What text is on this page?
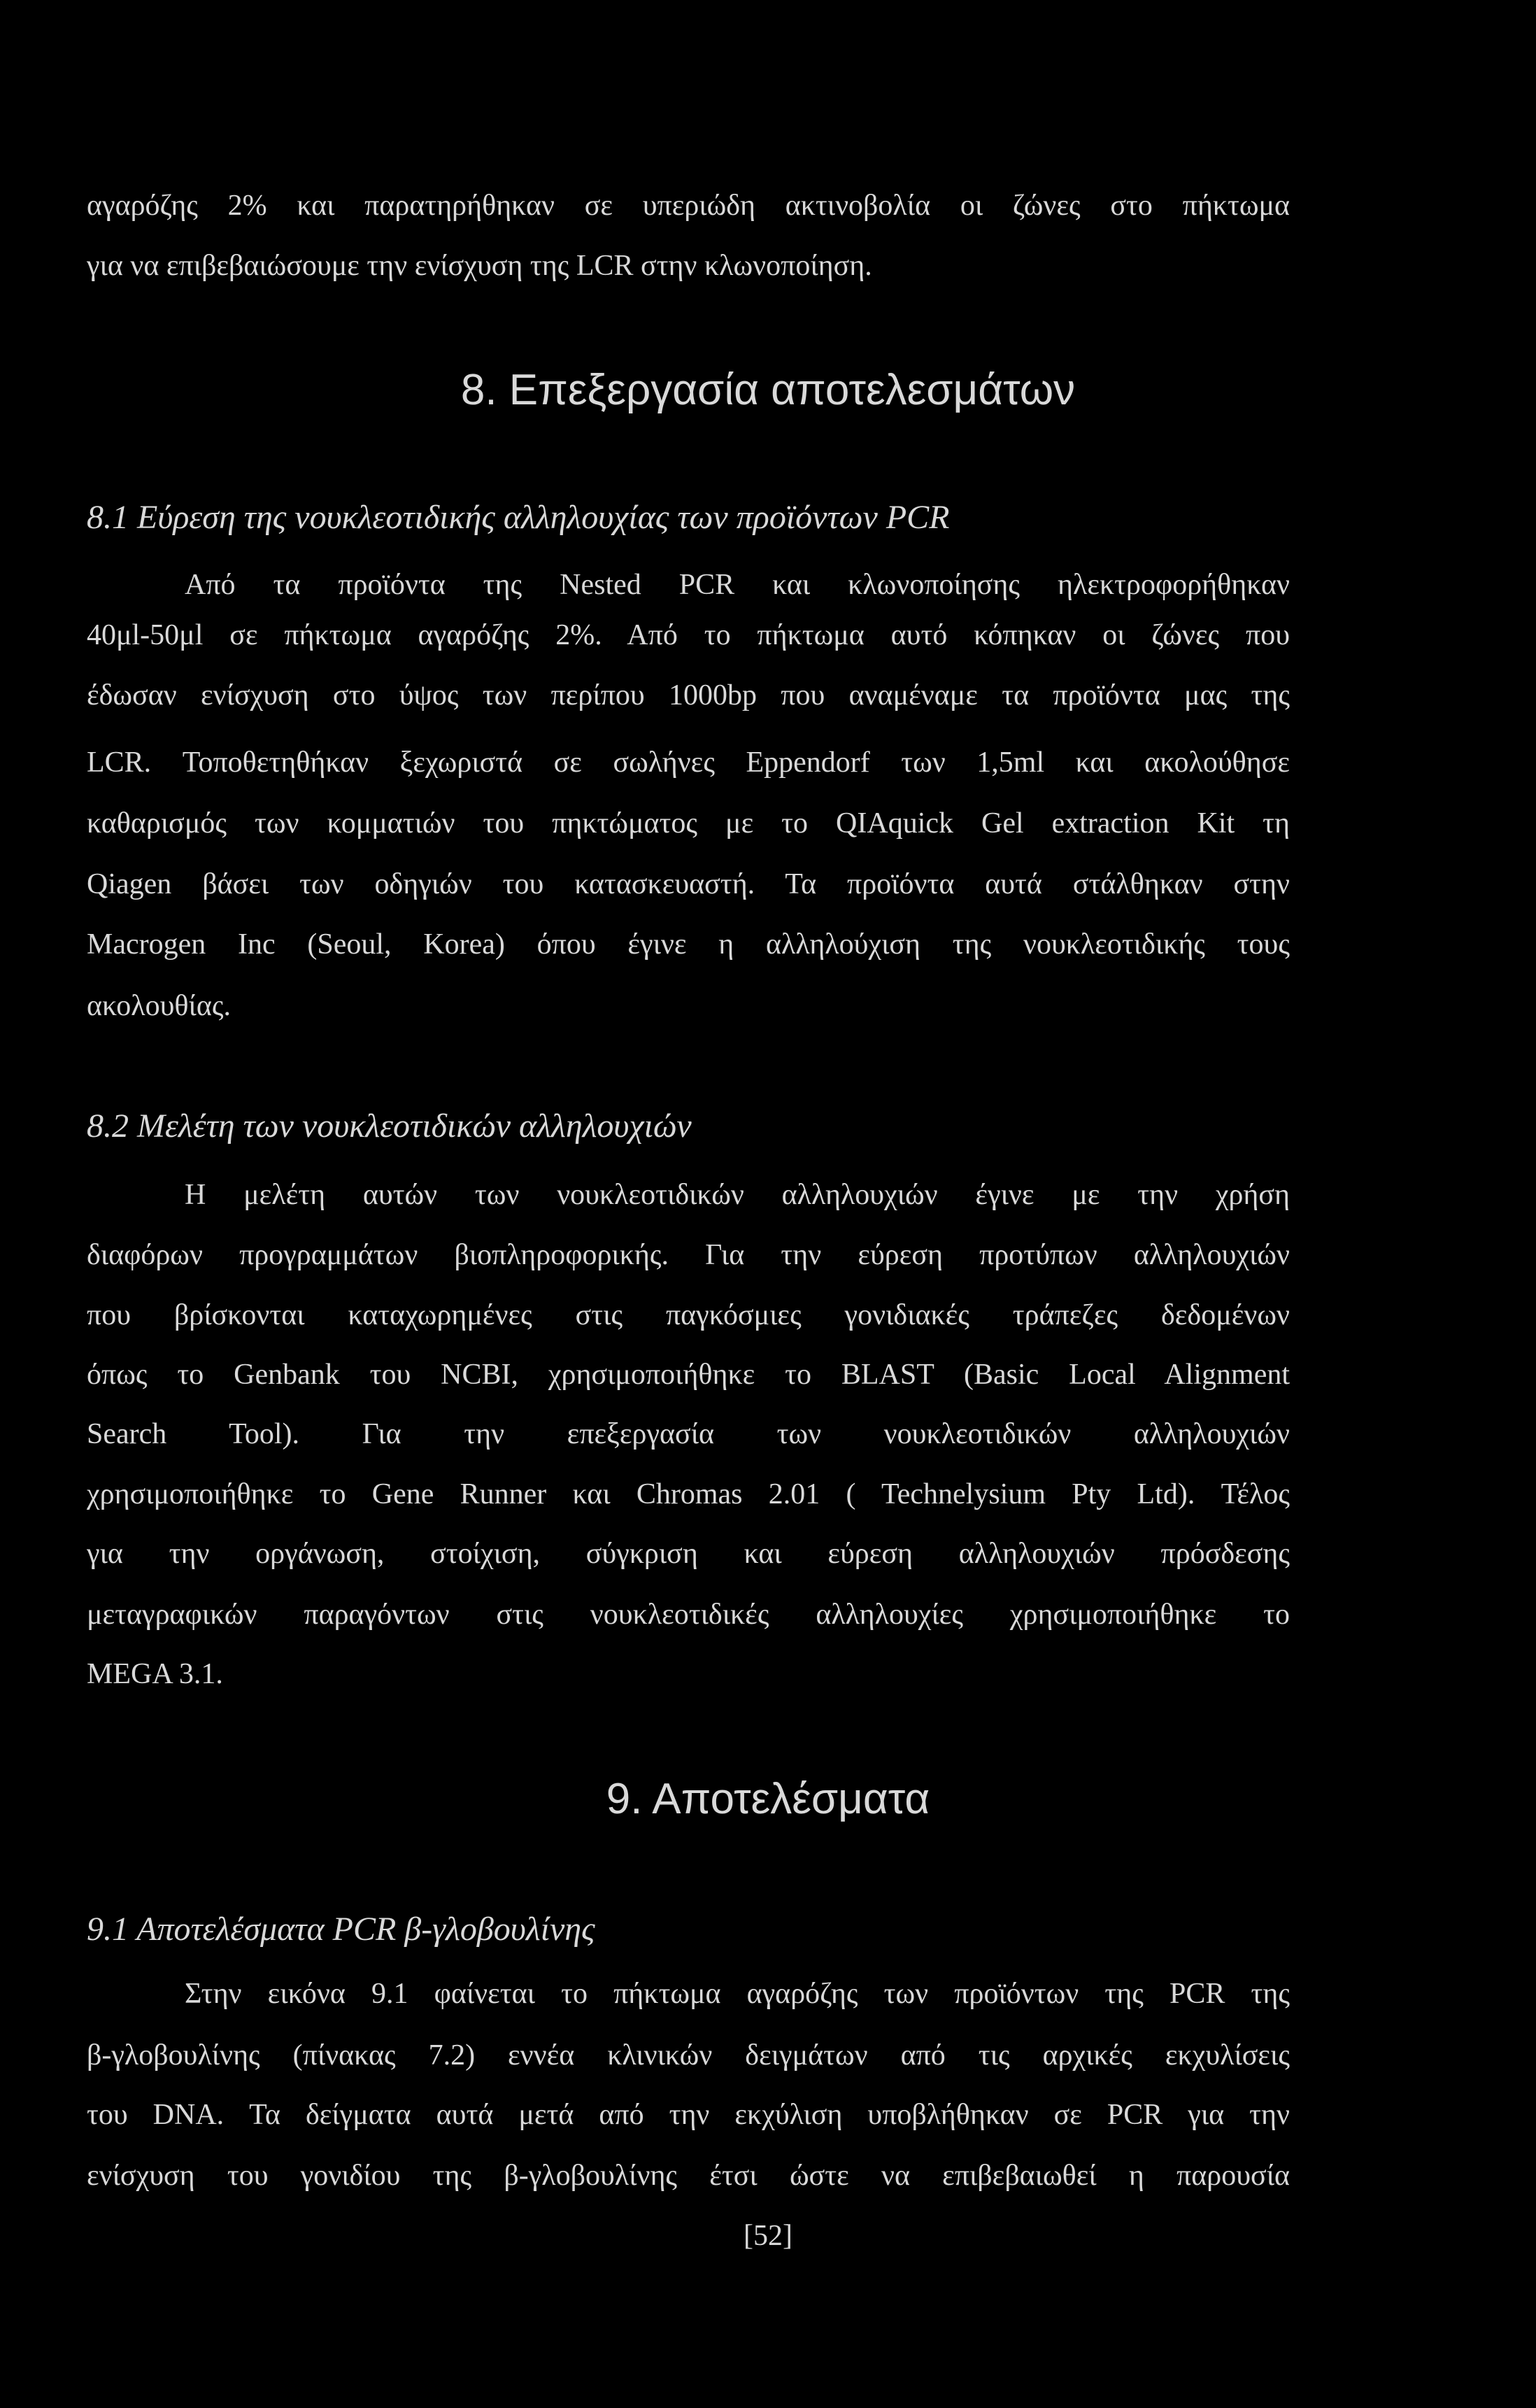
αγαρόζης 2% και παρατηρήθηκαν σε υπεριώδη ακτινοβολία οι ζώνες στο πήκτωμα
για να επιβεβαιώσουμε την ενίσχυση της LCR στην κλωνοποίηση.
8. Επεξεργασία αποτελεσμάτων
8.1 Εύρεση της νουκλεοτιδικής αλληλουχίας των προϊόντων PCR
Από τα προϊόντα της Nested PCR και κλωνοποίησης ηλεκτροφορήθηκαν
40μl-50μl σε πήκτωμα αγαρόζης 2%. Από το πήκτωμα αυτό κόπηκαν οι ζώνες που
έδωσαν ενίσχυση στο ύψος των περίπου 1000bp που αναμέναμε τα προϊόντα μας της
LCR. Τοποθετηθήκαν ξεχωριστά σε σωλήνες Eppendorf των 1,5ml και ακολούθησε
καθαρισμός των κομματιών του πηκτώματος με το QIAquick Gel extraction Kit τη
Qiagen βάσει των οδηγιών του κατασκευαστή. Τα προϊόντα αυτά στάλθηκαν στην
Macrogen Inc (Seoul, Korea) όπου έγινε η αλληλούχιση της νουκλεοτιδικής τους
ακολουθίας.
8.2 Μελέτη των νουκλεοτιδικών αλληλουχιών
Η μελέτη αυτών των νουκλεοτιδικών αλληλουχιών έγινε με την χρήση
διαφόρων προγραμμάτων βιοπληροφορικής. Για την εύρεση προτύπων αλληλουχιών
που βρίσκονται καταχωρημένες στις παγκόσμιες γονιδιακές τράπεζες δεδομένων
όπως το Genbank του NCBI, χρησιμοποιήθηκε το BLAST (Basic Local Alignment
Search Tool). Για την επεξεργασία των νουκλεοτιδικών αλληλουχιών
χρησιμοποιήθηκε το Gene Runner και Chromas 2.01 ( Technelysium Pty Ltd). Τέλος
για την οργάνωση, στοίχιση, σύγκριση και εύρεση αλληλουχιών πρόσδεσης
μεταγραφικών παραγόντων στις νουκλεοτιδικές αλληλουχίες χρησιμοποιήθηκε το
MEGA 3.1.
9. Αποτελέσματα
9.1 Αποτελέσματα PCR β-γλοβουλίνης
Στην εικόνα 9.1 φαίνεται το πήκτωμα αγαρόζης των προϊόντων της PCR της
β-γλοβουλίνης (πίνακας 7.2) εννέα κλινικών δειγμάτων από τις αρχικές εκχυλίσεις
του DNA. Τα δείγματα αυτά μετά από την εκχύλιση υποβλήθηκαν σε PCR για την
ενίσχυση του γονιδίου της β-γλοβουλίνης έτσι ώστε να επιβεβαιωθεί η παρουσία
[52]
